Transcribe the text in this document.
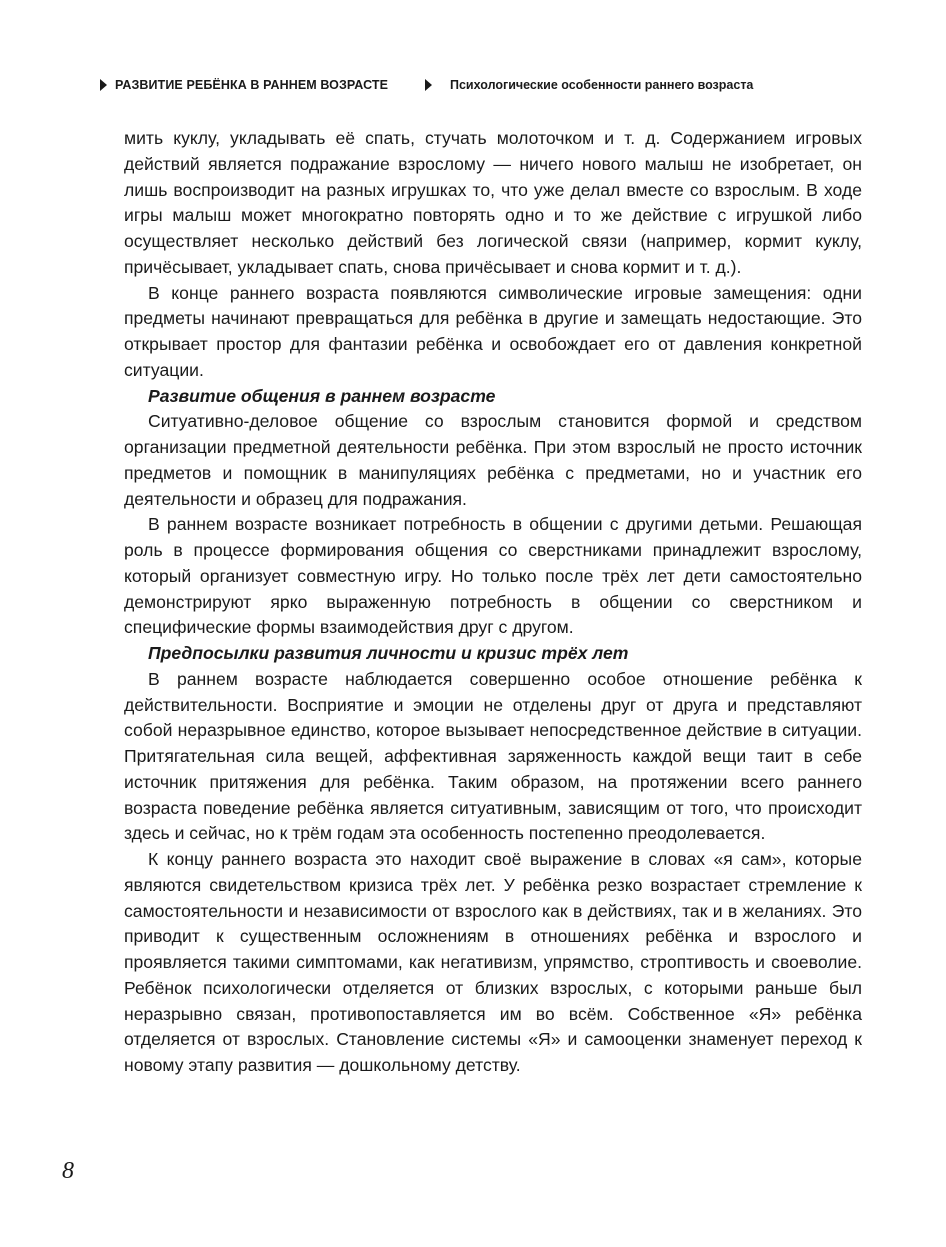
РАЗВИТИЕ РЕБЁНКА В РАННЕМ ВОЗРАСТЕ	Психологические особенности раннего возраста

мить куклу, укладывать её спать, стучать молоточком и т. д. Содержанием игровых действий является подражание взрослому — ничего нового малыш не изобретает, он лишь воспроизводит на разных игрушках то, что уже делал вместе со взрослым. В ходе игры малыш может многократно повторять одно и то же действие с игрушкой либо осуществляет несколько действий без логической связи (например, кормит куклу, причёсывает, укладывает спать, снова причёсывает и снова кормит и т. д.).

В конце раннего возраста появляются символические игровые замещения: одни предметы начинают превращаться для ребёнка в другие и замещать недостающие. Это открывает простор для фантазии ребёнка и освобождает его от давления конкретной ситуации.

Развитие общения в раннем возрасте

Ситуативно-деловое общение со взрослым становится формой и средством организации предметной деятельности ребёнка. При этом взрослый не просто источник предметов и помощник в манипуляциях ребёнка с предметами, но и участник его деятельности и образец для подражания.

В раннем возрасте возникает потребность в общении с другими детьми. Решающая роль в процессе формирования общения со сверстниками принадлежит взрослому, который организует совместную игру. Но только после трёх лет дети самостоятельно демонстрируют ярко выраженную потребность в общении со сверстником и специфические формы взаимодействия друг с другом.

Предпосылки развития личности и кризис трёх лет

В раннем возрасте наблюдается совершенно особое отношение ребёнка к действительности. Восприятие и эмоции не отделены друг от друга и представляют собой неразрывное единство, которое вызывает непосредственное действие в ситуации. Притягательная сила вещей, аффективная заряженность каждой вещи таит в себе источник притяжения для ребёнка. Таким образом, на протяжении всего раннего возраста поведение ребёнка является ситуативным, зависящим от того, что происходит здесь и сейчас, но к трём годам эта особенность постепенно преодолевается.

К концу раннего возраста это находит своё выражение в словах «я сам», которые являются свидетельством кризиса трёх лет. У ребёнка резко возрастает стремление к самостоятельности и независимости от взрослого как в действиях, так и в желаниях. Это приводит к существенным осложнениям в отношениях ребёнка и взрослого и проявляется такими симптомами, как негативизм, упрямство, строптивость и своеволие. Ребёнок психологически отделяется от близких взрослых, с которыми раньше был неразрывно связан, противопоставляется им во всём. Собственное «Я» ребёнка отделяется от взрослых. Становление системы «Я» и самооценки знаменует переход к новому этапу развития — дошкольному детству.

8
